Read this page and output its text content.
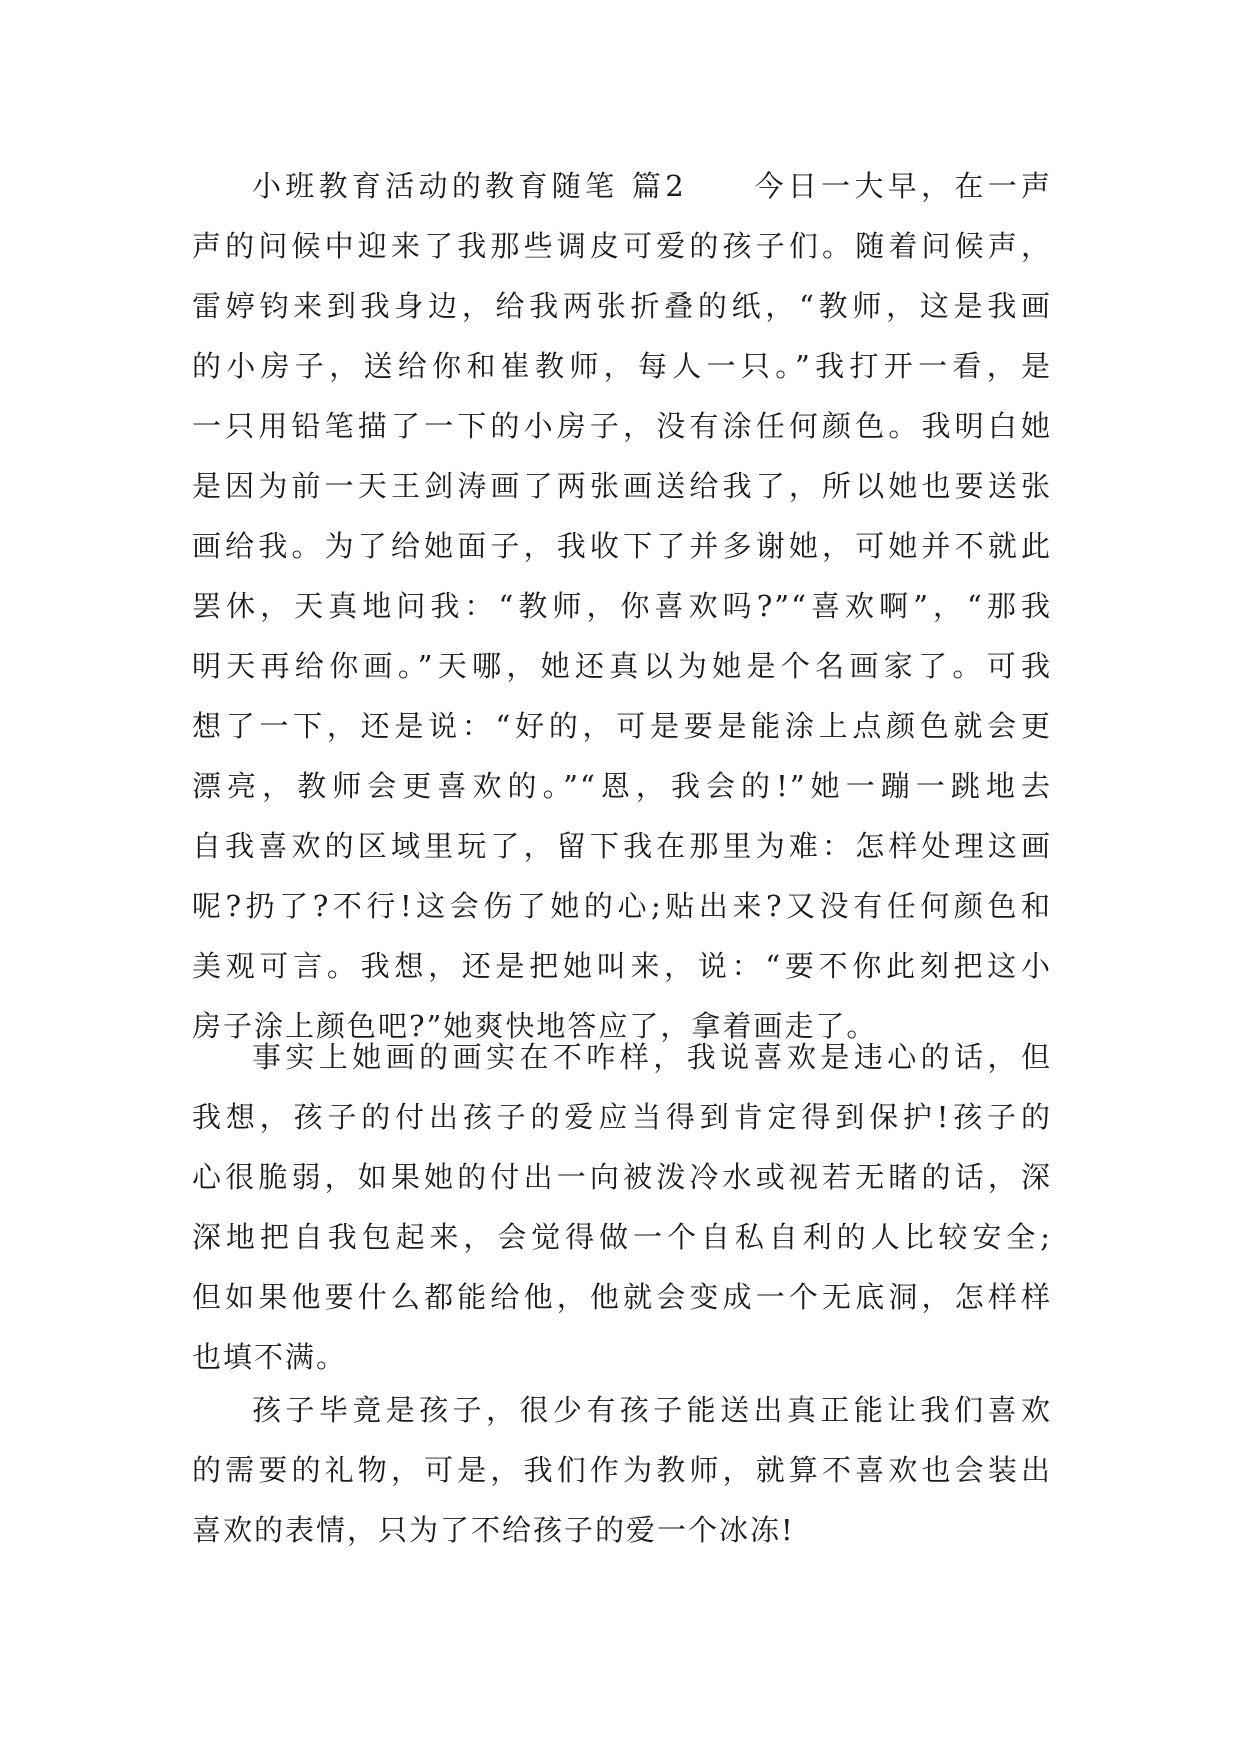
小班教育活动的教育随笔 篇2　　今日一大早，在一声
声的问候中迎来了我那些调皮可爱的孩子们。随着问候声，
雷婷钧来到我身边，给我两张折叠的纸，“教师，这是我画
的小房子，送给你和崔教师，每人一只。”我打开一看，是
一只用铅笔描了一下的小房子，没有涂任何颜色。我明白她
是因为前一天王剑涛画了两张画送给我了，所以她也要送张
画给我。为了给她面子，我收下了并多谢她，可她并不就此
罢休，天真地问我：“教师，你喜欢吗?”“喜欢啊”，“那我
明天再给你画。”天哪，她还真以为她是个名画家了。可我
想了一下，还是说：“好的，可是要是能涂上点颜色就会更
漂亮，教师会更喜欢的。”“恩，我会的!”她一蹦一跳地去
自我喜欢的区域里玩了，留下我在那里为难：怎样处理这画
呢?扔了?不行!这会伤了她的心;贴出来?又没有任何颜色和
美观可言。我想，还是把她叫来，说：“要不你此刻把这小
房子涂上颜色吧?”她爽快地答应了，拿着画走了。
事实上她画的画实在不咋样，我说喜欢是违心的话，但
我想，孩子的付出孩子的爱应当得到肯定得到保护!孩子的
心很脆弱，如果她的付出一向被泼冷水或视若无睹的话，深
深地把自我包起来，会觉得做一个自私自利的人比较安全;
但如果他要什么都能给他，他就会变成一个无底洞，怎样样
也填不满。
孩子毕竟是孩子，很少有孩子能送出真正能让我们喜欢
的需要的礼物，可是，我们作为教师，就算不喜欢也会装出
喜欢的表情，只为了不给孩子的爱一个冰冻!
